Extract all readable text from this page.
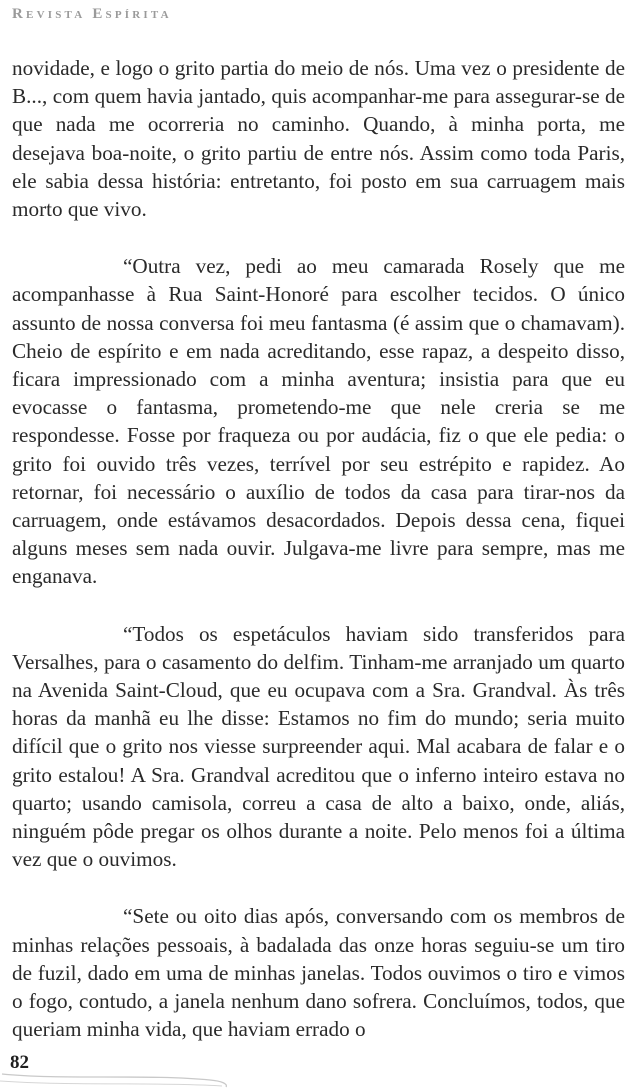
Revista Espírita

novidade, e logo o grito partia do meio de nós. Uma vez o presidente de B..., com quem havia jantado, quis acompanhar-me para assegurar-se de que nada me ocorreria no caminho. Quando, à minha porta, me desejava boa-noite, o grito partiu de entre nós. Assim como toda Paris, ele sabia dessa história: entretanto, foi posto em sua carruagem mais morto que vivo.

“Outra vez, pedi ao meu camarada Rosely que me acompanhasse à Rua Saint-Honoré para escolher tecidos. O único assunto de nossa conversa foi meu fantasma (é assim que o chamavam). Cheio de espírito e em nada acreditando, esse rapaz, a despeito disso, ficara impressionado com a minha aventura; insistia para que eu evocasse o fantasma, prometendo-me que nele creria se me respondesse. Fosse por fraqueza ou por audácia, fiz o que ele pedia: o grito foi ouvido três vezes, terrível por seu estrépito e rapidez. Ao retornar, foi necessário o auxílio de todos da casa para tirar-nos da carruagem, onde estávamos desacordados. Depois dessa cena, fiquei alguns meses sem nada ouvir. Julgava-me livre para sempre, mas me enganava.

“Todos os espetáculos haviam sido transferidos para Versalhes, para o casamento do delfim. Tinham-me arranjado um quarto na Avenida Saint-Cloud, que eu ocupava com a Sra. Grandval. Às três horas da manhã eu lhe disse: Estamos no fim do mundo; seria muito difícil que o grito nos viesse surpreender aqui. Mal acabara de falar e o grito estalou! A Sra. Grandval acreditou que o inferno inteiro estava no quarto; usando camisola, correu a casa de alto a baixo, onde, aliás, ninguém pôde pregar os olhos durante a noite. Pelo menos foi a última vez que o ouvimos.

“Sete ou oito dias após, conversando com os membros de minhas relações pessoais, à badalada das onze horas seguiu-se um tiro de fuzil, dado em uma de minhas janelas. Todos ouvimos o tiro e vimos o fogo, contudo, a janela nenhum dano sofrera. Concluímos, todos, que queriam minha vida, que haviam errado o

82
